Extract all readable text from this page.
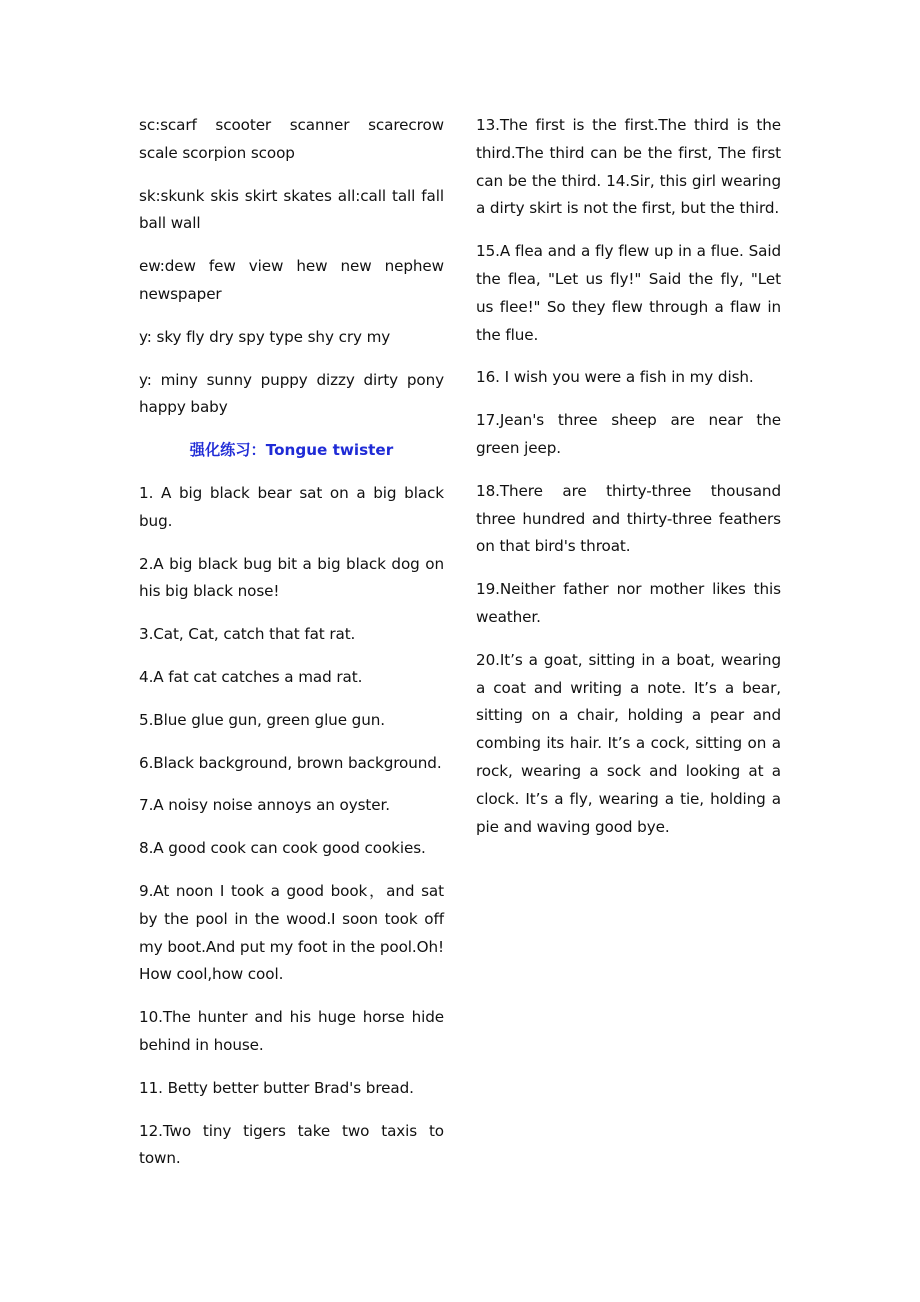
sc:scarf scooter scanner scarecrow scale scorpion scoop

sk:skunk skis skirt skates all:call tall fall ball wall

ew:dew few view hew new nephew newspaper

y: sky fly dry spy type shy cry my

y: miny sunny puppy dizzy dirty pony happy baby

强化练习：Tongue twister

1. A big black bear sat on a big black bug.

2.A big black bug bit a big black dog on his big black nose!

3.Cat, Cat, catch that fat rat.

4.A fat cat catches a mad rat.

5.Blue glue gun, green glue gun.

6.Black background, brown background.

7.A noisy noise annoys an oyster.

8.A good cook can cook good cookies.

9.At noon I took a good book，and sat by the pool in the wood.I soon took off my boot.And put my foot in the pool.Oh! How cool,how cool.

10.The hunter and his huge horse hide behind in house.

11. Betty better butter Brad's bread.

12.Two tiny tigers take two taxis to town.

13.The first is the first.The third is the third.The third can be the first, The first can be the third. 14.Sir, this girl wearing a dirty skirt is not the first, but the third.

15.A flea and a fly flew up in a flue. Said the flea, "Let us fly!" Said the fly, "Let us flee!" So they flew through a flaw in the flue.

16. I wish you were a fish in my dish.

17.Jean's three sheep are near the green jeep.

18.There are thirty-three thousand three hundred and thirty-three feathers on that bird's throat.

19.Neither father nor mother likes this weather.

20.It’s a goat, sitting in a boat, wearing a coat and writing a note. It’s a bear, sitting on a chair, holding a pear and combing its hair. It’s a cock, sitting on a rock, wearing a sock and looking at a clock. It’s a fly, wearing a tie, holding a pie and waving good bye.
